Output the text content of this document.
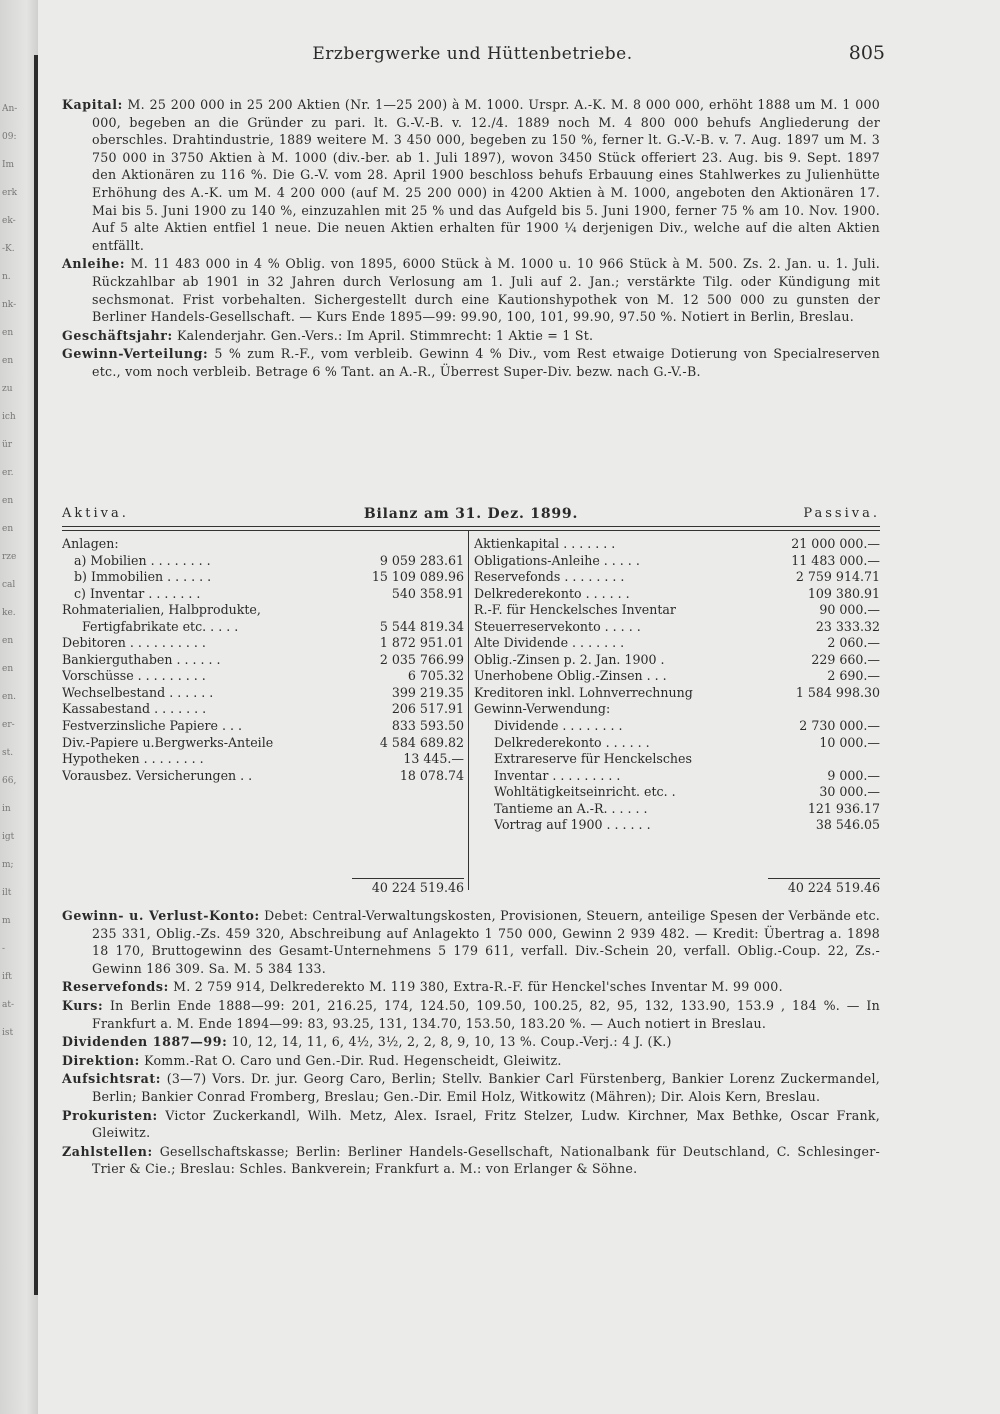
An-
09:
Im
erk
ek-
-K.
n.
nk-
en
en
zu
ich
ür
er.
en
en
rze
cal
ke.
en
en
en.
er-
st.
66,
in
igt
m;
ilt
m
-
ift
at-
ist
Erzbergwerke und Hüttenbetriebe.	805

Kapital: M. 25 200 000 in 25 200 Aktien (Nr. 1—25 200) à M. 1000. Urspr. A.-K. M. 8 000 000, erhöht 1888 um M. 1 000 000, begeben an die Gründer zu pari. lt. G.-V.-B. v. 12./4. 1889 noch M. 4 800 000 behufs Angliederung der oberschles. Drahtindustrie, 1889 weitere M. 3 450 000, begeben zu 150 %, ferner lt. G.-V.-B. v. 7. Aug. 1897 um M. 3 750 000 in 3750 Aktien à M. 1000 (div.-ber. ab 1. Juli 1897), wovon 3450 Stück offeriert 23. Aug. bis 9. Sept. 1897 den Aktionären zu 116 %. Die G.-V. vom 28. April 1900 beschloss behufs Erbauung eines Stahlwerkes zu Julienhütte Erhöhung des A.-K. um M. 4 200 000 (auf M. 25 200 000) in 4200 Aktien à M. 1000, angeboten den Aktionären 17. Mai bis 5. Juni 1900 zu 140 %, einzuzahlen mit 25 % und das Aufgeld bis 5. Juni 1900, ferner 75 % am 10. Nov. 1900. Auf 5 alte Aktien entfiel 1 neue. Die neuen Aktien erhalten für 1900 ¼ derjenigen Div., welche auf die alten Aktien entfällt.

Anleihe: M. 11 483 000 in 4 % Oblig. von 1895, 6000 Stück à M. 1000 u. 10 966 Stück à M. 500. Zs. 2. Jan. u. 1. Juli. Rückzahlbar ab 1901 in 32 Jahren durch Verlosung am 1. Juli auf 2. Jan.; verstärkte Tilg. oder Kündigung mit sechsmonat. Frist vorbehalten. Sichergestellt durch eine Kautionshypothek von M. 12 500 000 zu gunsten der Berliner Handels-Gesellschaft. — Kurs Ende 1895—99: 99.90, 100, 101, 99.90, 97.50 %. Notiert in Berlin, Breslau.

Geschäftsjahr: Kalenderjahr. Gen.-Vers.: Im April. Stimmrecht: 1 Aktie = 1 St.

Gewinn-Verteilung: 5 % zum R.-F., vom verbleib. Gewinn 4 % Div., vom Rest etwaige Dotierung von Specialreserven etc., vom noch verbleib. Betrage 6 % Tant. an A.-R., Überrest Super-Div. bezw. nach G.-V.-B.

Aktiva.	Bilanz am 31. Dez. 1899.	Passiva.
Anlagen:
a) Mobilien . . . . . . . .	9 059 283.61
b) Immobilien . . . . . .	15 109 089.96
c) Inventar . . . . . . .	540 358.91
Rohmaterialien, Halbprodukte,
Fertigfabrikate etc. . . . .	5 544 819.34
Debitoren . . . . . . . . . .	1 872 951.01
Bankierguthaben . . . . . .	2 035 766.99
Vorschüsse . . . . . . . . .	6 705.32
Wechselbestand . . . . . .	399 219.35
Kassabestand . . . . . . .	206 517.91
Festverzinsliche Papiere . . .	833 593.50
Div.-Papiere u.Bergwerks-Anteile	4 584 689.82
Hypotheken . . . . . . . .	13 445.—
Vorausbez. Versicherungen . .	18 078.74
Aktienkapital . . . . . . .	21 000 000.—
Obligations-Anleihe . . . . .	11 483 000.—
Reservefonds . . . . . . . .	2 759 914.71
Delkrederekonto . . . . . .	109 380.91
R.-F. für Henckelsches Inventar	90 000.—
Steuerreservekonto . . . . .	23 333.32
Alte Dividende . . . . . . .	2 060.—
Oblig.-Zinsen p. 2. Jan. 1900 .	229 660.—
Unerhobene Oblig.-Zinsen . . .	2 690.—
Kreditoren inkl. Lohnverrechnung	1 584 998.30
Gewinn-Verwendung:
Dividende . . . . . . . .	2 730 000.—
Delkrederekonto . . . . . .	10 000.—
Extrareserve für Henckelsches
Inventar . . . . . . . . .	9 000.—
Wohltätigkeitseinricht. etc. .	30 000.—
Tantieme an A.-R. . . . . .	121 936.17
Vortrag auf 1900 . . . . . .	38 546.05
40 224 519.46	40 224 519.46

Gewinn- u. Verlust-Konto: Debet: Central-Verwaltungskosten, Provisionen, Steuern, anteilige Spesen der Verbände etc. 235 331, Oblig.-Zs. 459 320, Abschreibung auf Anlagekto 1 750 000, Gewinn 2 939 482. — Kredit: Übertrag a. 1898 18 170, Bruttogewinn des Gesamt-Unternehmens 5 179 611, verfall. Div.-Schein 20, verfall. Oblig.-Coup. 22, Zs.-Gewinn 186 309. Sa. M. 5 384 133.

Reservefonds: M. 2 759 914, Delkrederekto M. 119 380, Extra-R.-F. für Henckel'sches Inventar M. 99 000.

Kurs: In Berlin Ende 1888—99: 201, 216.25, 174, 124.50, 109.50, 100.25, 82, 95, 132, 133.90, 153.9 , 184 %. — In Frankfurt a. M. Ende 1894—99: 83, 93.25, 131, 134.70, 153.50, 183.20 %. — Auch notiert in Breslau.

Dividenden 1887—99: 10, 12, 14, 11, 6, 4½, 3½, 2, 2, 8, 9, 10, 13 %. Coup.-Verj.: 4 J. (K.)

Direktion: Komm.-Rat O. Caro und Gen.-Dir. Rud. Hegenscheidt, Gleiwitz.

Aufsichtsrat: (3—7) Vors. Dr. jur. Georg Caro, Berlin; Stellv. Bankier Carl Fürstenberg, Bankier Lorenz Zuckermandel, Berlin; Bankier Conrad Fromberg, Breslau; Gen.-Dir. Emil Holz, Witkowitz (Mähren); Dir. Alois Kern, Breslau.

Prokuristen: Victor Zuckerkandl, Wilh. Metz, Alex. Israel, Fritz Stelzer, Ludw. Kirchner, Max Bethke, Oscar Frank, Gleiwitz.

Zahlstellen: Gesellschaftskasse; Berlin: Berliner Handels-Gesellschaft, Nationalbank für Deutschland, C. Schlesinger-Trier & Cie.; Breslau: Schles. Bankverein; Frankfurt a. M.: von Erlanger & Söhne.
